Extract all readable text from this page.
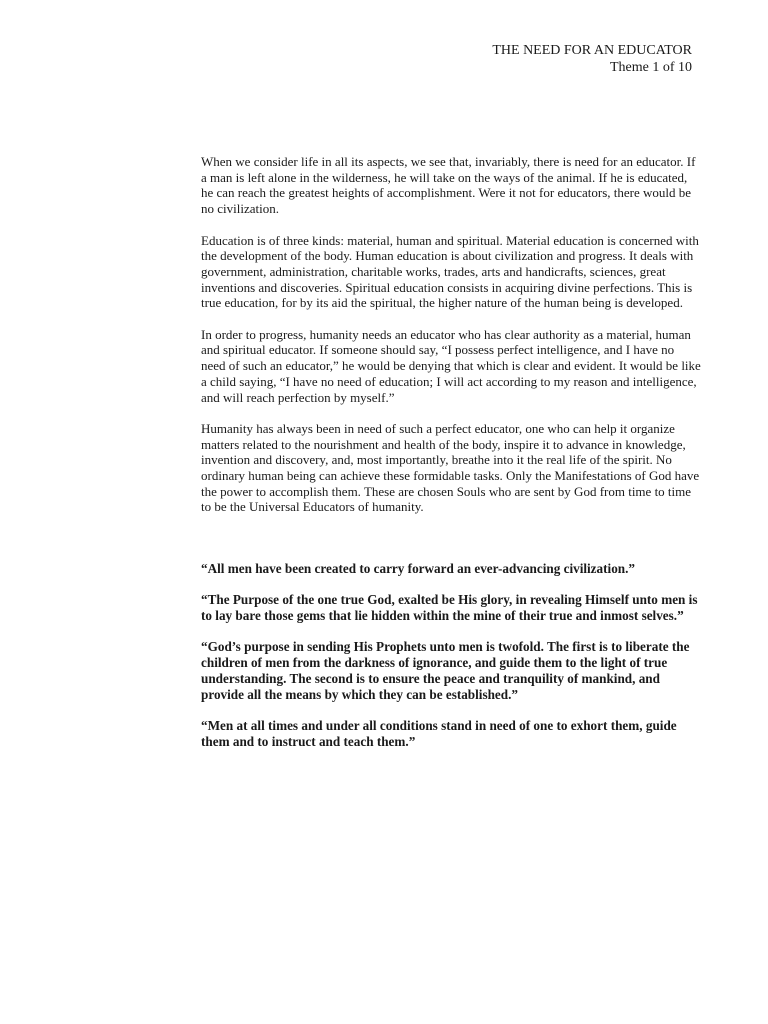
THE NEED FOR AN EDUCATOR
Theme 1 of 10

When we consider life in all its aspects, we see that, invariably, there is need for an educator. If a man is left alone in the wilderness, he will take on the ways of the animal. If he is educated, he can reach the greatest heights of accomplishment. Were it not for educators, there would be no civilization.

Education is of three kinds: material, human and spiritual. Material education is concerned with the development of the body. Human education is about civilization and progress. It deals with government, administration, charitable works, trades, arts and handicrafts, sciences, great inventions and discoveries. Spiritual education consists in acquiring divine perfections. This is true education, for by its aid the spiritual, the higher nature of the human being is developed.

In order to progress, humanity needs an educator who has clear authority as a material, human and spiritual educator. If someone should say, “I possess perfect intelligence, and I have no need of such an educator,” he would be denying that which is clear and evident. It would be like a child saying, “I have no need of education; I will act according to my reason and intelligence, and will reach perfection by myself.”

Humanity has always been in need of such a perfect educator, one who can help it organize matters related to the nourishment and health of the body, inspire it to advance in knowledge, invention and discovery, and, most importantly, breathe into it the real life of the spirit. No ordinary human being can achieve these formidable tasks. Only the Manifestations of God have the power to accomplish them. These are chosen Souls who are sent by God from time to time to be the Universal Educators of humanity.

“All men have been created to carry forward an ever-advancing civilization.”

“The Purpose of the one true God, exalted be His glory, in revealing Himself unto men is to lay bare those gems that lie hidden within the mine of their true and inmost selves.”

“God’s purpose in sending His Prophets unto men is twofold. The first is to liberate the children of men from the darkness of ignorance, and guide them to the light of true understanding. The second is to ensure the peace and tranquility of mankind, and provide all the means by which they can be established.”

“Men at all times and under all conditions stand in need of one to exhort them, guide them and to instruct and teach them.”
